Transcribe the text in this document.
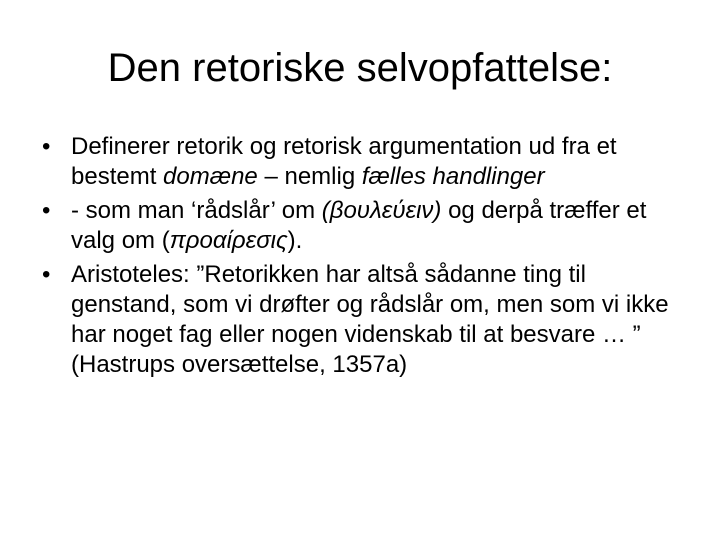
Den retoriske selvopfattelse:
• Definerer retorik og retorisk argumentation ud fra et bestemt domæne – nemlig fælles handlinger
• - som man ‘rådslår’ om (βουλεύειν) og derpå træffer et valg om (προαίρεσις).
• Aristoteles: ”Retorikken har altså sådanne ting til genstand, som vi drøfter og rådslår om, men som vi ikke har noget fag eller nogen videnskab til at besvare … ” (Hastrups oversættelse, 1357a)
